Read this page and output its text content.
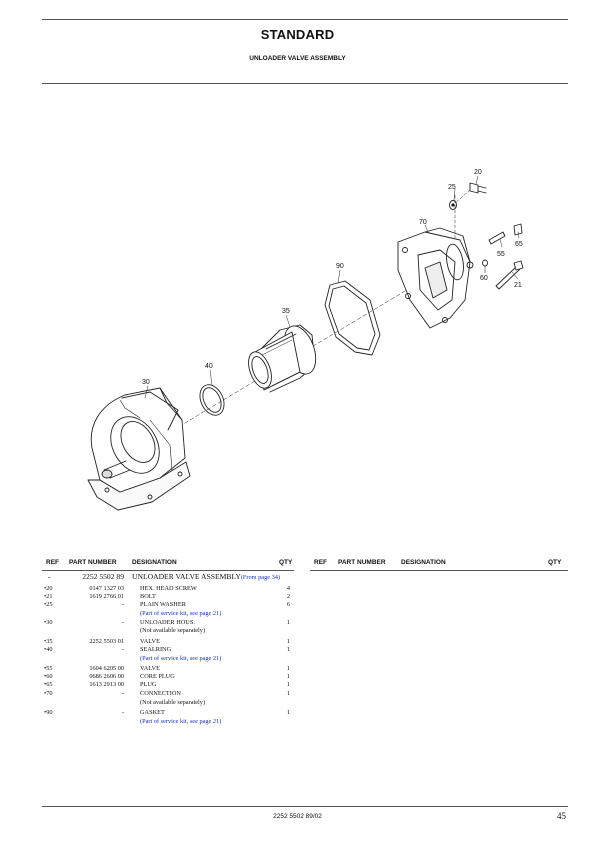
STANDARD
UNLOADER VALVE ASSEMBLY
20
25
70
65
55
60
21
90
35
40
30
REF PART NUMBER DESIGNATION	QTY	REF PART NUMBER DESIGNATION	QTY
-	2252 5502 89 UNLOADER VALVE ASSEMBLY(From page 34)
•20	0147 1327 03	HEX. HEAD SCREW	4
•21	1619 2766 01	BOLT	2
•25	-	PLAIN WASHER	6
(Part of service kit, see page 21)
•30	-	UNLOADER HOUS.	1
(Not available separately)
•35	2252 5503 01	VALVE	1
•40	-	SEALRING	1
(Part of service kit, see page 21)
•55	1604 6205 00	VALVE	1
•60	0686 2606 00	CORE PLUG	1
•65	1613 2913 00	PLUG	1
•70	-	CONNECTION	1
(Not available separately)
•90	-	GASKET	1
(Part of service kit, see page 21)
2252 5502 89/02	45
